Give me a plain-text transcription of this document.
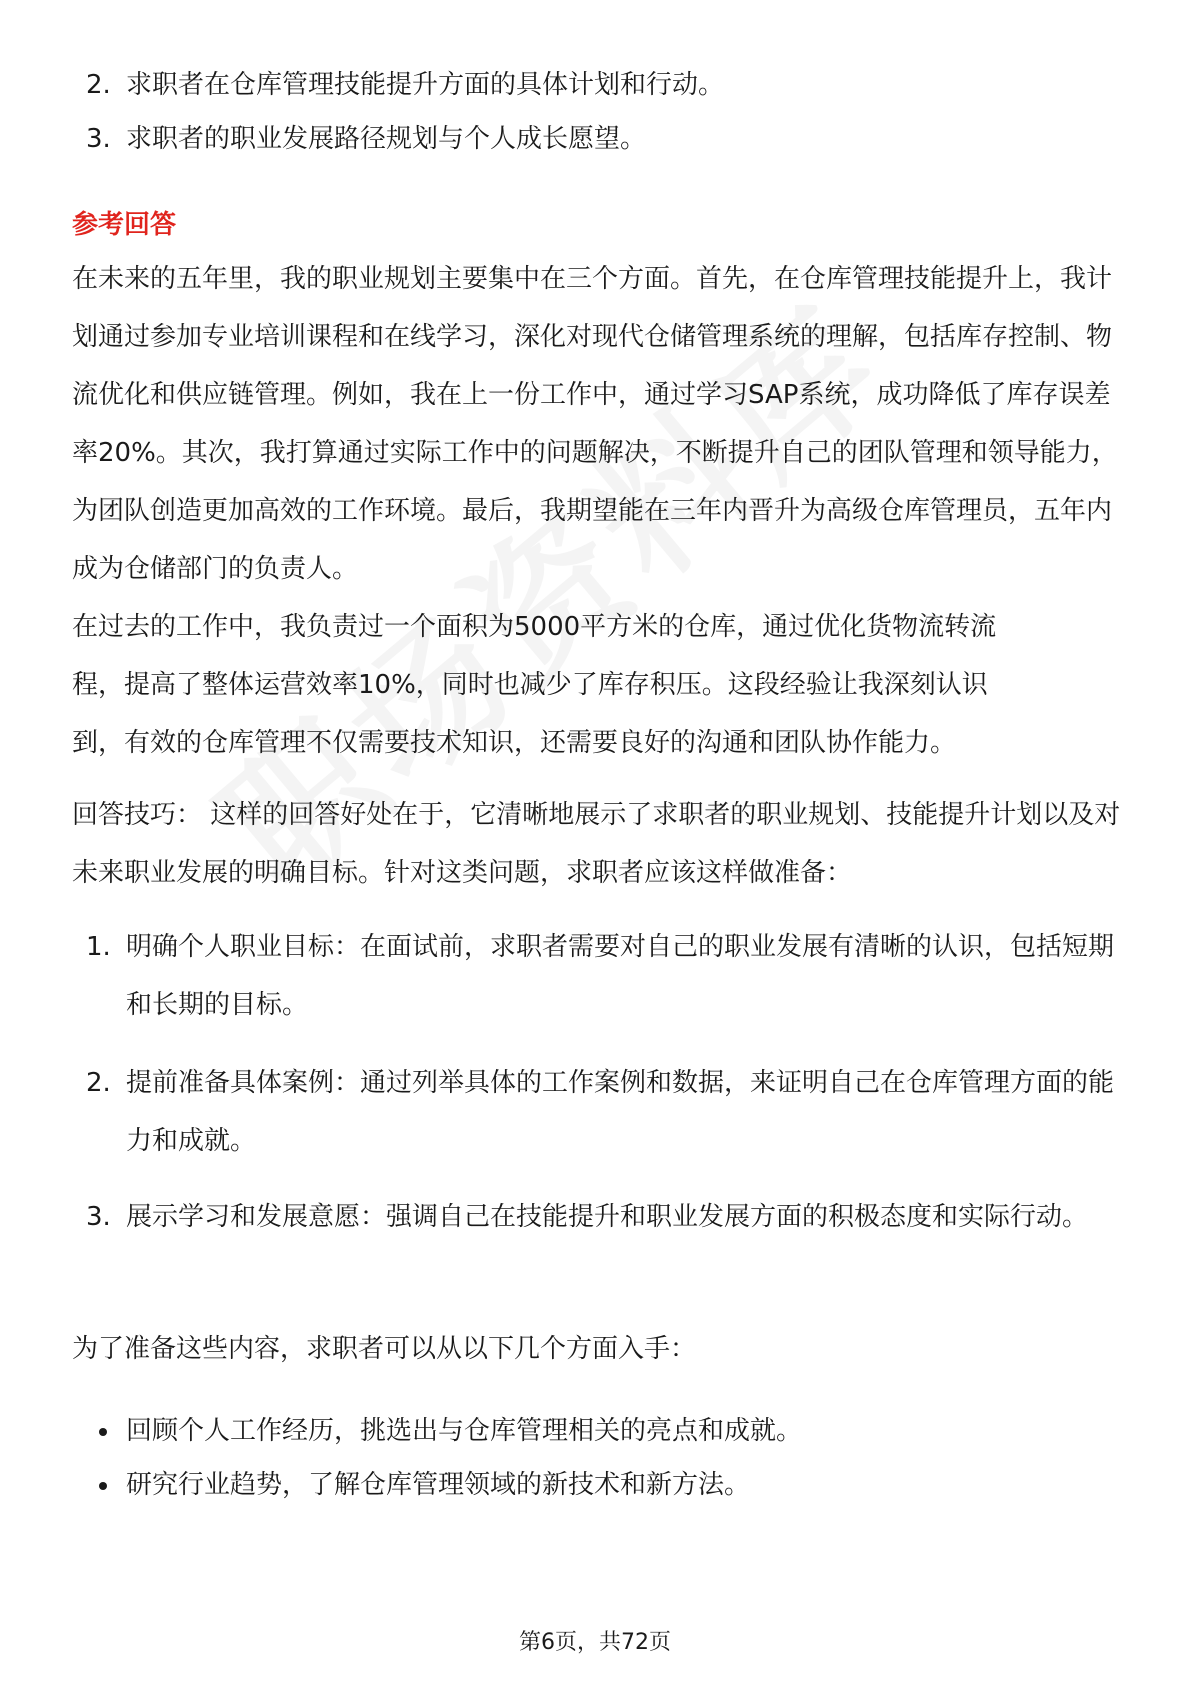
2. 求职者在仓库管理技能提升方面的具体计划和行动。
3. 求职者的职业发展路径规划与个人成长愿望。
参考回答
在未来的五年里，我的职业规划主要集中在三个方面。首先，在仓库管理技能提升上，我计划通过参加专业培训课程和在线学习，深化对现代仓储管理系统的理解，包括库存控制、物流优化和供应链管理。例如，我在上一份工作中，通过学习SAP系统，成功降低了库存误差率20%。其次，我打算通过实际工作中的问题解决，不断提升自己的团队管理和领导能力，为团队创造更加高效的工作环境。最后，我期望能在三年内晋升为高级仓库管理员，五年内成为仓储部门的负责人。
在过去的工作中，我负责过一个面积为5000平方米的仓库，通过优化货物流转流程，提高了整体运营效率10%，同时也减少了库存积压。这段经验让我深刻认识到，有效的仓库管理不仅需要技术知识，还需要良好的沟通和团队协作能力。
回答技巧： 这样的回答好处在于，它清晰地展示了求职者的职业规划、技能提升计划以及对未来职业发展的明确目标。针对这类问题，求职者应该这样做准备：
1. 明确个人职业目标：在面试前，求职者需要对自己的职业发展有清晰的认识，包括短期和长期的目标。
2. 提前准备具体案例：通过列举具体的工作案例和数据，来证明自己在仓库管理方面的能力和成就。
3. 展示学习和发展意愿：强调自己在技能提升和职业发展方面的积极态度和实际行动。
为了准备这些内容，求职者可以从以下几个方面入手：
回顾个人工作经历，挑选出与仓库管理相关的亮点和成就。
研究行业趋势，了解仓库管理领域的新技术和新方法。
第6页，共72页
